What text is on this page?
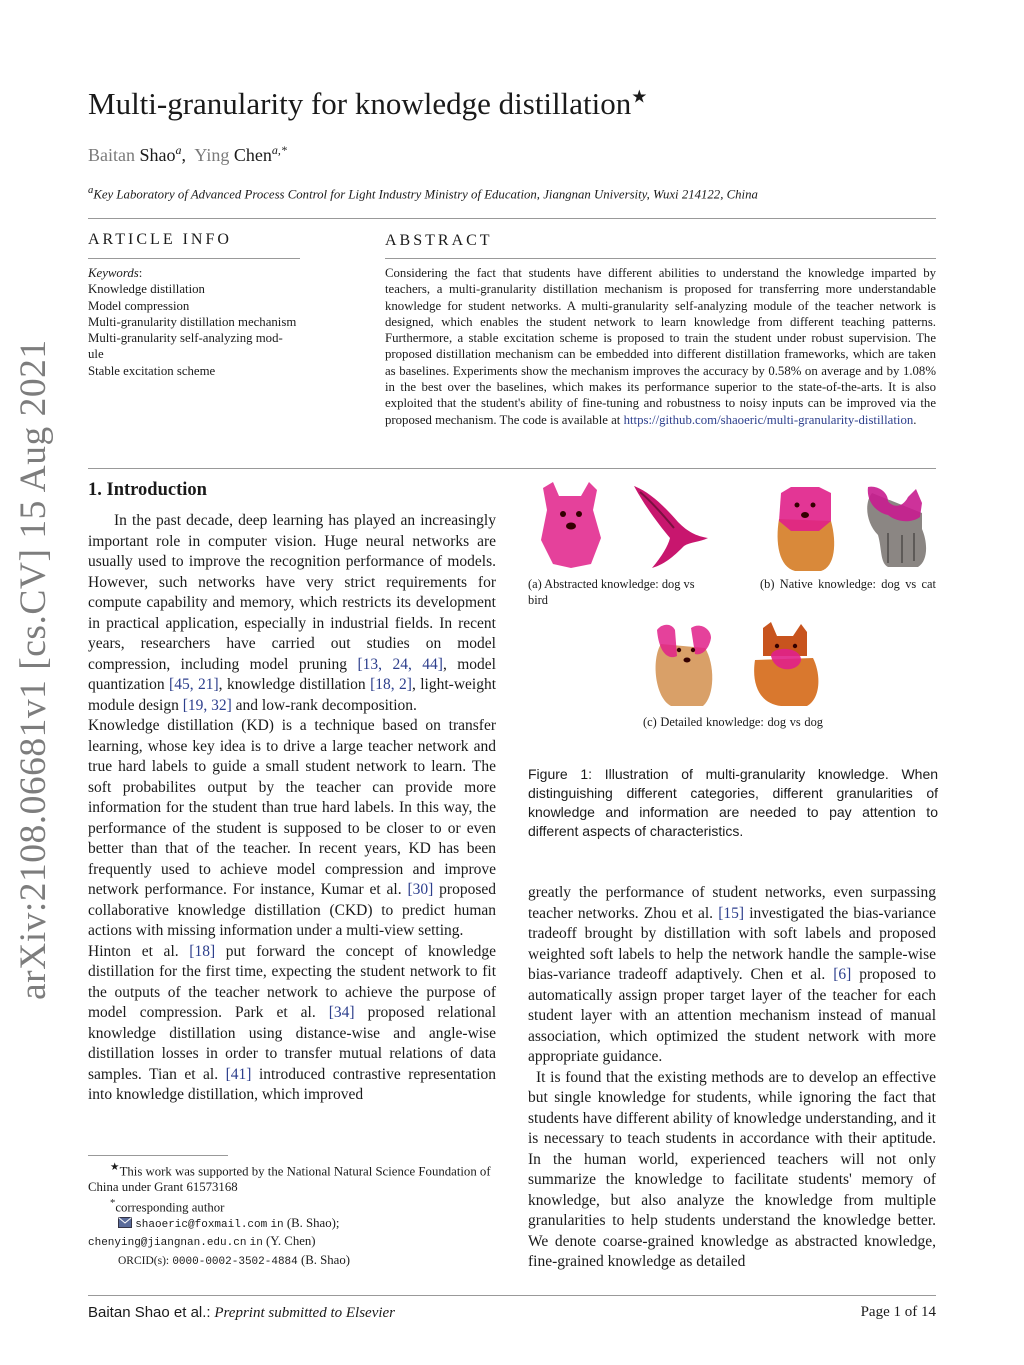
arXiv:2108.06681v1 [cs.CV] 15 Aug 2021
Multi-granularity for knowledge distillation★
Baitan Shao$^a$,  Ying Chen$^{a,*}$
$^a$Key Laboratory of Advanced Process Control for Light Industry Ministry of Education, Jiangnan University, Wuxi 214122, China
ARTICLE INFO
Keywords:
Knowledge distillation
Model compression
Multi-granularity distillation mechanism
Multi-granularity self-analyzing mod-
ule
Stable excitation scheme
ABSTRACT
Considering the fact that students have different abilities to understand the knowledge imparted by teachers, a multi-granularity distillation mechanism is proposed for transferring more understandable knowledge for student networks. A multi-granularity self-analyzing module of the teacher network is designed, which enables the student network to learn knowledge from different teaching patterns. Furthermore, a stable excitation scheme is proposed to train the student under robust supervision. The proposed distillation mechanism can be embedded into different distillation frameworks, which are taken as baselines. Experiments show the mechanism improves the accuracy by 0.58% on average and by 1.08% in the best over the baselines, which makes its performance superior to the state-of-the-arts. It is also exploited that the student's ability of fine-tuning and robustness to noisy inputs can be improved via the proposed mechanism. The code is available at https://github.com/shaoeric/multi-granularity-distillation.
1. Introduction

In the past decade, deep learning has played an increasingly important role in computer vision. Huge neural networks are usually used to improve the recognition performance of models. However, such networks have very strict requirements for compute capability and memory, which restricts its development in practical application, especially in industrial fields. In recent years, researchers have carried out studies on model compression, including model pruning [13, 24, 44], model quantization [45, 21], knowledge distillation [18, 2], light-weight module design [19, 32] and low-rank decomposition.

Knowledge distillation (KD) is a technique based on transfer learning, whose key idea is to drive a large teacher network and true hard labels to guide a small student network to learn. The soft probabilites output by the teacher can provide more information for the student than true hard labels. In this way, the performance of the student is supposed to be closer to or even better than that of the teacher. In recent years, KD has been frequently used to achieve model compression and improve network performance. For instance, Kumar et al. [30] proposed collaborative knowledge distillation (CKD) to predict human actions with missing information under a multi-view setting.

Hinton et al. [18] put forward the concept of knowledge distillation for the first time, expecting the student network to fit the outputs of the teacher network to achieve the purpose of model compression. Park et al. [34] proposed relational knowledge distillation using distance-wise and angle-wise distillation losses in order to transfer mutual relations of data samples. Tian et al. [41] introduced contrastive representation into knowledge distillation, which improved

★This work was supported by the National Natural Science Foundation of China under Grant 61573168
*corresponding author
shaoeric@foxmail.com in (B. Shao); chenying@jiangnan.edu.cn in (Y. Chen)
ORCID(s): 0000-0002-3502-4884 (B. Shao)
(a) Abstracted knowledge: dog vs bird
(b) Native knowledge: dog vs cat
(c) Detailed knowledge: dog vs dog
Figure 1: Illustration of multi-granularity knowledge. When distinguishing different categories, different granularities of knowledge and information are needed to pay attention to different aspects of characteristics.

greatly the performance of student networks, even surpassing teacher networks. Zhou et al. [15] investigated the bias-variance tradeoff brought by distillation with soft labels and proposed weighted soft labels to help the network handle the sample-wise bias-variance tradeoff adaptively. Chen et al. [6] proposed to automatically assign proper target layer of the teacher for each student layer with an attention mechanism instead of manual association, which optimized the student network with more appropriate guidance.

It is found that the existing methods are to develop an effective but single knowledge for students, while ignoring the fact that students have different ability of knowledge understanding, and it is necessary to teach students in accordance with their aptitude. In the human world, experienced teachers will not only summarize the knowledge to facilitate students' memory of knowledge, but also analyze the knowledge from multiple granularities to help students understand the knowledge better. We denote coarse-grained knowledge as abstracted knowledge, fine-grained knowledge as detailed

Baitan Shao et al.: Preprint submitted to Elsevier	Page 1 of 14
